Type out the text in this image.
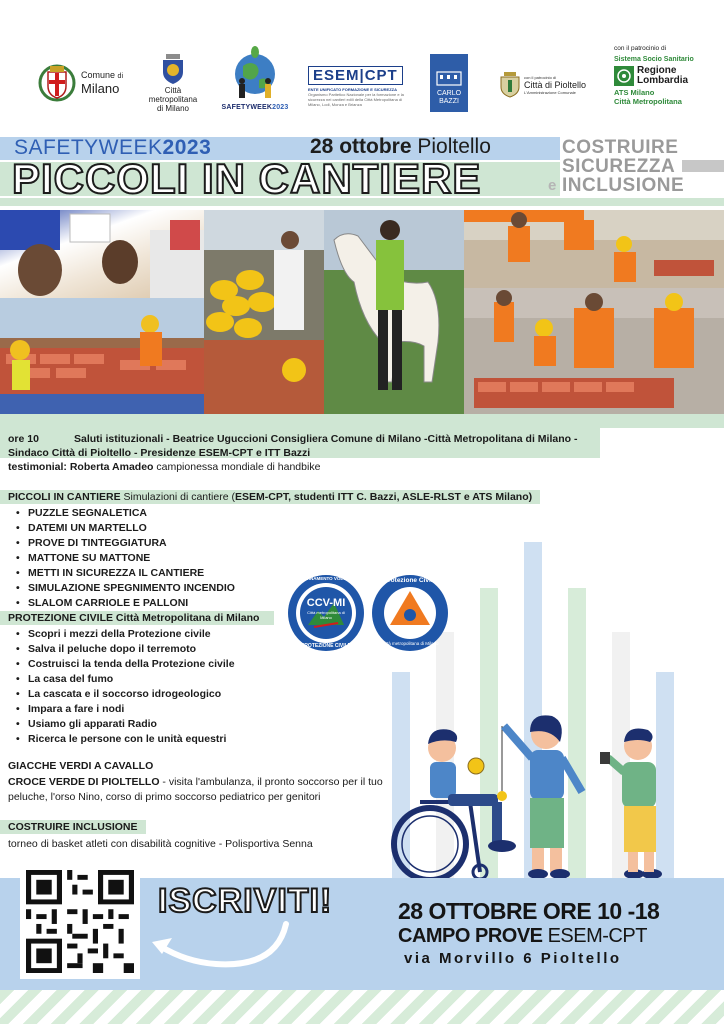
Comune di
Milano	Città
metropolitana
di Milano	SAFETYWEEK2023
ESEM|CPT
ENTE UNIFICATO FORMAZIONE E SICUREZZA
Organismo Paritetico Nazionale per la formazione e la sicurezza nei cantieri edili della Città Metropolitana di Milano, Lodi, Monza e Brianza
CARLO
BAZZI
con il patrocinio di
Città di Pioltello
L'Amministrazione Comunale
con il patrocinio di
Sistema Socio Sanitario
Regione
Lombardia
ATS Milano
Città Metropolitana
SAFETYWEEK2023	28 ottobre Pioltello
PICCOLI IN CANTIERE
COSTRUIRE
SICUREZZA
e INCLUSIONE
ore 10	Saluti istituzionali - Beatrice Uguccioni Consigliera Comune di Milano -Città Metropolitana di Milano -
Sindaco Città di Pioltello - Presidenze ESEM-CPT e ITT Bazzi
testimonial: Roberta Amadeo campionessa mondiale di handbike
PICCOLI IN CANTIERE Simulazioni di cantiere (ESEM-CPT, studenti ITT C. Bazzi, ASLE-RLST e ATS Milano)
• PUZZLE SEGNALETICA
• DATEMI UN MARTELLO
• PROVE DI TINTEGGIATURA
• MATTONE SU MATTONE
• METTI IN SICUREZZA IL CANTIERE
• SIMULAZIONE SPEGNIMENTO INCENDIO
• SLALOM CARRIOLE E PALLONI
PROTEZIONE CIVILE Città Metropolitana di Milano
• Scopri i mezzi della Protezione civile
• Salva il peluche dopo il terremoto
• Costruisci la tenda della Protezione civile
• La casa del fumo
• La cascata e il soccorso idrogeologico
• Impara a fare i nodi
• Usiamo gli apparati Radio
• Ricerca le persone con le unità equestri
COORDINAMENTO VOLONTARI
CCV-MI
Città metropolitana di Milano
PROTEZIONE CIVILE
Protezione Civile
Città metropolitana di Milano
GIACCHE VERDI A CAVALLO
CROCE VERDE DI PIOLTELLO - visita l'ambulanza, il pronto soccorso per il tuo
peluche, l'orso Nino, corso di primo soccorso pediatrico per genitori
COSTRUIRE INCLUSIONE
torneo di basket atleti con disabilità cognitive - Polisportiva Senna
ISCRIVITI!	28 OTTOBRE ORE 10 -18
CAMPO PROVE ESEM-CPT
via Morvillo 6 Pioltello
